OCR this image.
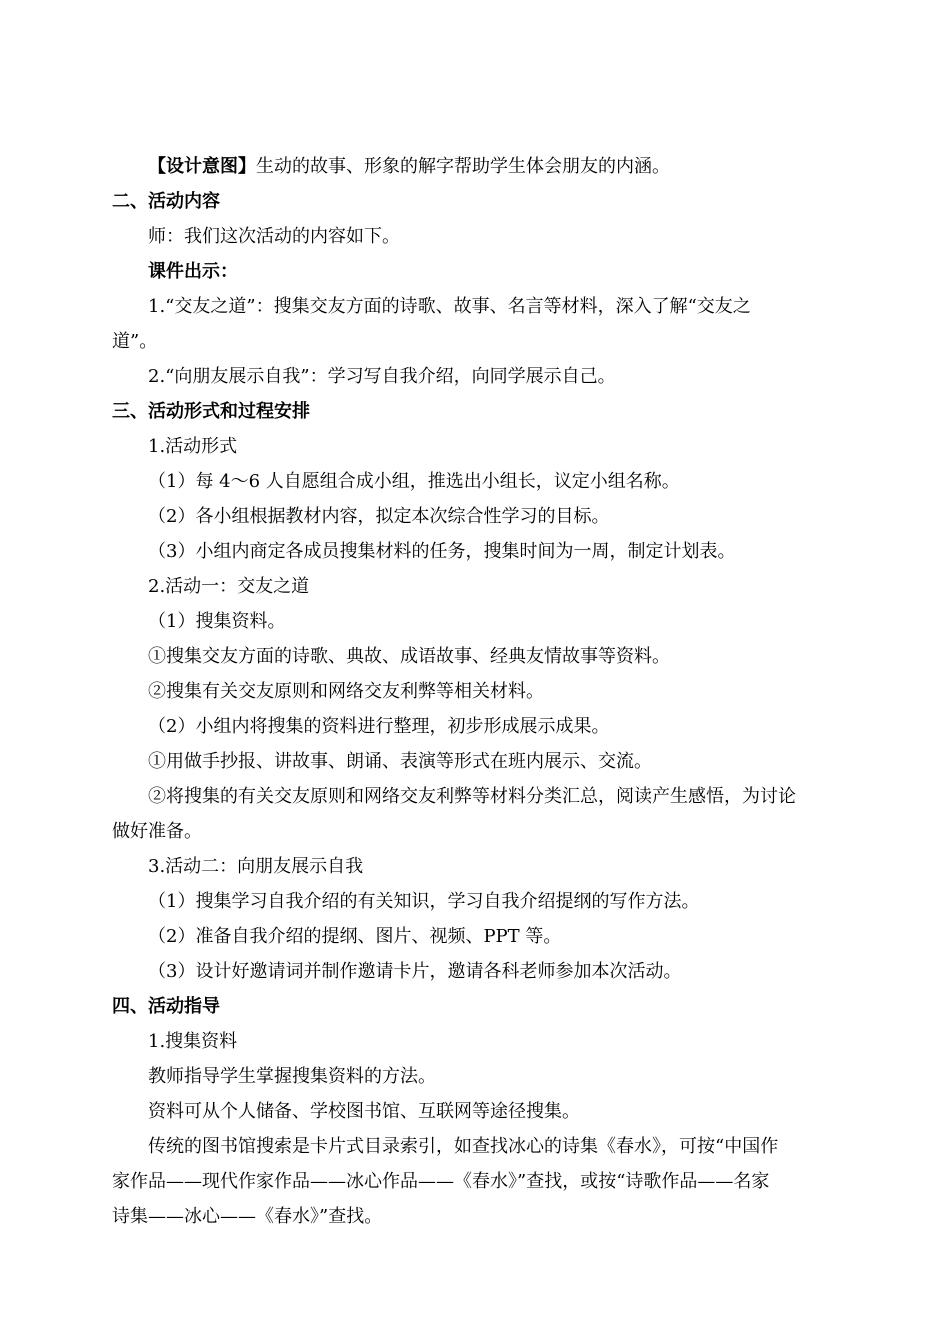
【设计意图】生动的故事、形象的解字帮助学生体会朋友的内涵。
二、活动内容
师：我们这次活动的内容如下。
课件出示：
1.“交友之道”：搜集交友方面的诗歌、故事、名言等材料，深入了解“交友之
道”。
2.“向朋友展示自我”：学习写自我介绍，向同学展示自己。
三、活动形式和过程安排
1.活动形式
（1）每 4～6 人自愿组合成小组，推选出小组长，议定小组名称。
（2）各小组根据教材内容，拟定本次综合性学习的目标。
（3）小组内商定各成员搜集材料的任务，搜集时间为一周，制定计划表。
2.活动一：交友之道
（1）搜集资料。
①搜集交友方面的诗歌、典故、成语故事、经典友情故事等资料。
②搜集有关交友原则和网络交友利弊等相关材料。
（2）小组内将搜集的资料进行整理，初步形成展示成果。
①用做手抄报、讲故事、朗诵、表演等形式在班内展示、交流。
②将搜集的有关交友原则和网络交友利弊等材料分类汇总，阅读产生感悟，为讨论
做好准备。
3.活动二：向朋友展示自我
（1）搜集学习自我介绍的有关知识，学习自我介绍提纲的写作方法。
（2）准备自我介绍的提纲、图片、视频、PPT 等。
（3）设计好邀请词并制作邀请卡片，邀请各科老师参加本次活动。
四、活动指导
1.搜集资料
教师指导学生掌握搜集资料的方法。
资料可从个人储备、学校图书馆、互联网等途径搜集。
传统的图书馆搜索是卡片式目录索引，如查找冰心的诗集《春水》，可按“中国作
家作品——现代作家作品——冰心作品——《春水》”查找，或按“诗歌作品——名家
诗集——冰心——《春水》”查找。
